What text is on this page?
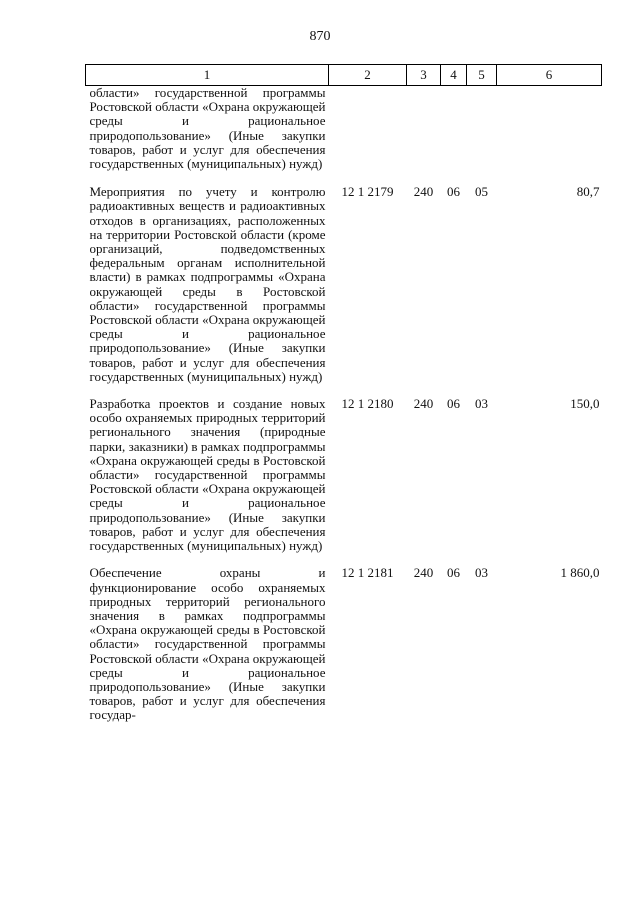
870
1	2	3	4	5	6
области» государственной программы Ростовской области «Охрана окружающей среды и рациональное природопользование» (Иные закупки товаров, работ и услуг для обеспечения государственных (муниципальных) нужд)					
Мероприятия по учету и контролю радиоактивных веществ и радиоактивных отходов в организациях, расположенных на территории Ростовской области (кроме организаций, подведомственных федеральным органам исполнительной власти) в рамках подпрограммы «Охрана окружающей среды в Ростовской области» государственной программы Ростовской области «Охрана окружающей среды и рациональное природопользование» (Иные закупки товаров, работ и услуг для обеспечения государственных (муниципальных) нужд)	12 1 2179	240	06	05	80,7
Разработка проектов и создание новых особо охраняемых природных территорий регионального значения (природные парки, заказники) в рамках подпрограммы «Охрана окружающей среды в Ростовской области» государственной программы Ростовской области «Охрана окружающей среды и рациональное природопользование» (Иные закупки товаров, работ и услуг для обеспечения государственных (муниципальных) нужд)	12 1 2180	240	06	03	150,0
Обеспечение охраны и функционирование особо охраняемых природных территорий регионального значения в рамках подпрограммы «Охрана окружающей среды в Ростовской области» государственной программы Ростовской области «Охрана окружающей среды и рациональное природопользование» (Иные закупки товаров, работ и услуг для обеспечения государ-	12 1 2181	240	06	03	1 860,0
